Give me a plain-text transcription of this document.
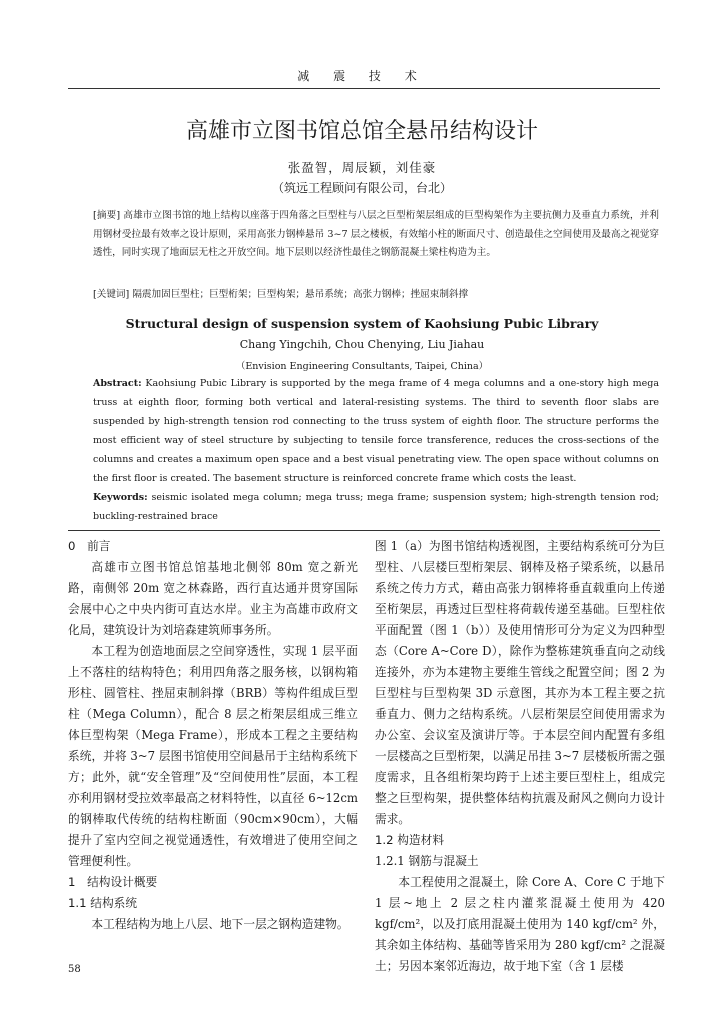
减 震 技 术
高雄市立图书馆总馆全悬吊结构设计
张盈智，周辰颖，刘佳豪
（筑远工程顾问有限公司，台北）
[摘要] 高雄市立图书馆的地上结构以座落于四角落之巨型柱与八层之巨型桁架层组成的巨型构架作为主要抗侧力及垂直力系统，并利用钢材受拉最有效率之设计原则，采用高张力钢棒悬吊 3~7 层之楼板，有效缩小柱的断面尺寸、创造最佳之空间使用及最高之视觉穿透性，同时实现了地面层无柱之开放空间。地下层则以经济性最佳之钢筋混凝土梁柱构造为主。
[关键词] 隔震加固巨型柱；巨型桁架；巨型构架；悬吊系统；高张力钢棒；挫屈束制斜撑
Structural design of suspension system of Kaohsiung Pubic Library
Chang Yingchih, Chou Chenying, Liu Jiahau
（Envision Engineering Consultants, Taipei, China）
Abstract: Kaohsiung Pubic Library is supported by the mega frame of 4 mega columns and a one-story high mega truss at eighth floor, forming both vertical and lateral-resisting systems. The third to seventh floor slabs are suspended by high-strength tension rod connecting to the truss system of eighth floor. The structure performs the most efficient way of steel structure by subjecting to tensile force transference, reduces the cross-sections of the columns and creates a maximum open space and a best visual penetrating view. The open space without columns on the first floor is created. The basement structure is reinforced concrete frame which costs the least.
Keywords: seismic isolated mega column; mega truss; mega frame; suspension system; high-strength tension rod; buckling-restrained brace
0　前言

高雄市立图书馆总馆基地北侧邻 80m 宽之新光路，南侧邻 20m 宽之林森路，西行直达通并贯穿国际会展中心之中央内街可直达水岸。业主为高雄市政府文化局，建筑设计为刘培森建筑师事务所。

本工程为创造地面层之空间穿透性，实现 1 层平面上不落柱的结构特色；利用四角落之服务核，以钢构箱形柱、圆管柱、挫屈束制斜撑（BRB）等构件组成巨型柱（Mega Column），配合 8 层之桁架层组成三维立体巨型构架（Mega Frame），形成本工程之主要结构系统，并将 3~7 层图书馆使用空间悬吊于主结构系统下方；此外，就“安全管理”及“空间使用性”层面，本工程亦利用钢材受拉效率最高之材料特性，以直径 6~12cm 的钢棒取代传统的结构柱断面（90cm×90cm），大幅提升了室内空间之视觉通透性，有效增进了使用空间之管理便利性。

1　结构设计概要
1.1 结构系统

本工程结构为地上八层、地下一层之钢构造建物。

图 1（a）为图书馆结构透视图，主要结构系统可分为巨型柱、八层楼巨型桁架层、钢棒及格子梁系统，以悬吊系统之传力方式，藉由高张力钢棒将垂直载重向上传递至桁架层，再透过巨型柱将荷载传递至基础。巨型柱依平面配置（图 1（b））及使用情形可分为定义为四种型态（Core A~Core D），除作为整栋建筑垂直向之动线连接外，亦为本建物主要维生管线之配置空间；图 2 为巨型柱与巨型构架 3D 示意图，其亦为本工程主要之抗垂直力、侧力之结构系统。八层桁架层空间使用需求为办公室、会议室及演讲厅等。于本层空间内配置有多组一层楼高之巨型桁架，以满足吊挂 3~7 层楼板所需之强度需求，且各组桁架均跨于上述主要巨型柱上，组成完整之巨型构架，提供整体结构抗震及耐风之侧向力设计需求。

1.2 构造材料
1.2.1 钢筋与混凝土

本工程使用之混凝土，除 Core A、Core C 于地下 1 层~地上 2 层之柱内灌浆混凝土使用为 420 kgf/cm²，以及打底用混凝土使用为 140 kgf/cm² 外，其余如主体结构、基础等皆采用为 280 kgf/cm² 之混凝土；另因本案邻近海边，故于地下室（含 1 层楼

58
